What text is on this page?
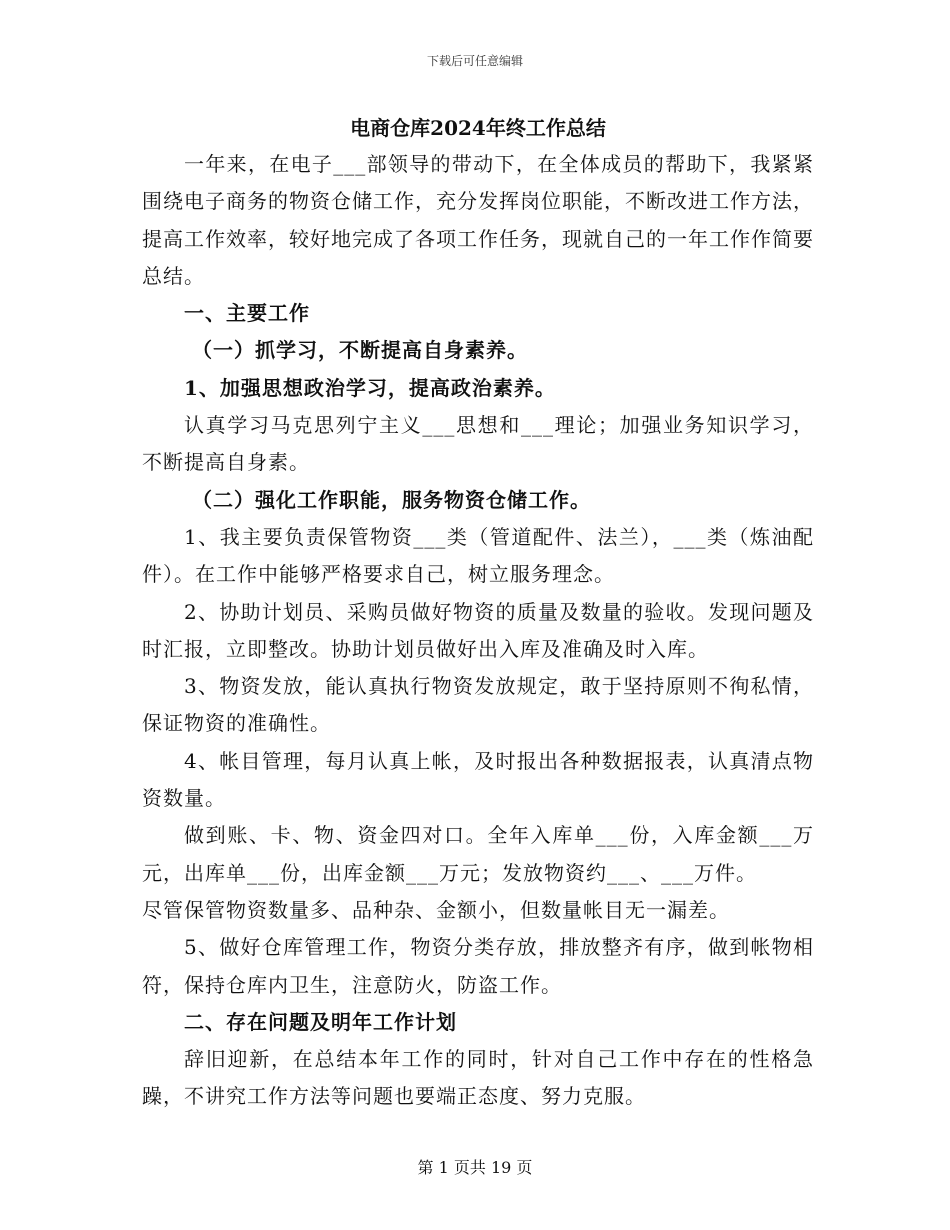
下载后可任意编辑
电商仓库2024年终工作总结

一年来，在电子___部领导的带动下，在全体成员的帮助下，我紧紧围绕电子商务的物资仓储工作，充分发挥岗位职能，不断改进工作方法，提高工作效率，较好地完成了各项工作任务，现就自己的一年工作作简要总结。

一、主要工作

（一）抓学习，不断提高自身素养。

1、加强思想政治学习，提高政治素养。

认真学习马克思列宁主义___思想和___理论；加强业务知识学习，不断提高自身素。

（二）强化工作职能，服务物资仓储工作。

1、我主要负责保管物资___类（管道配件、法兰），___类（炼油配件）。在工作中能够严格要求自己，树立服务理念。

2、协助计划员、采购员做好物资的质量及数量的验收。发现问题及时汇报，立即整改。协助计划员做好出入库及准确及时入库。

3、物资发放，能认真执行物资发放规定，敢于坚持原则不徇私情，保证物资的准确性。

4、帐目管理，每月认真上帐，及时报出各种数据报表，认真清点物资数量。

做到账、卡、物、资金四对口。全年入库单___份，入库金额___万元，出库单___份，出库金额___万元；发放物资约___、___万件。

尽管保管物资数量多、品种杂、金额小，但数量帐目无一漏差。

5、做好仓库管理工作，物资分类存放，排放整齐有序，做到帐物相符，保持仓库内卫生，注意防火，防盗工作。

二、存在问题及明年工作计划

辞旧迎新，在总结本年工作的同时，针对自己工作中存在的性格急躁，不讲究工作方法等问题也要端正态度、努力克服。

第 1 页共 19 页
